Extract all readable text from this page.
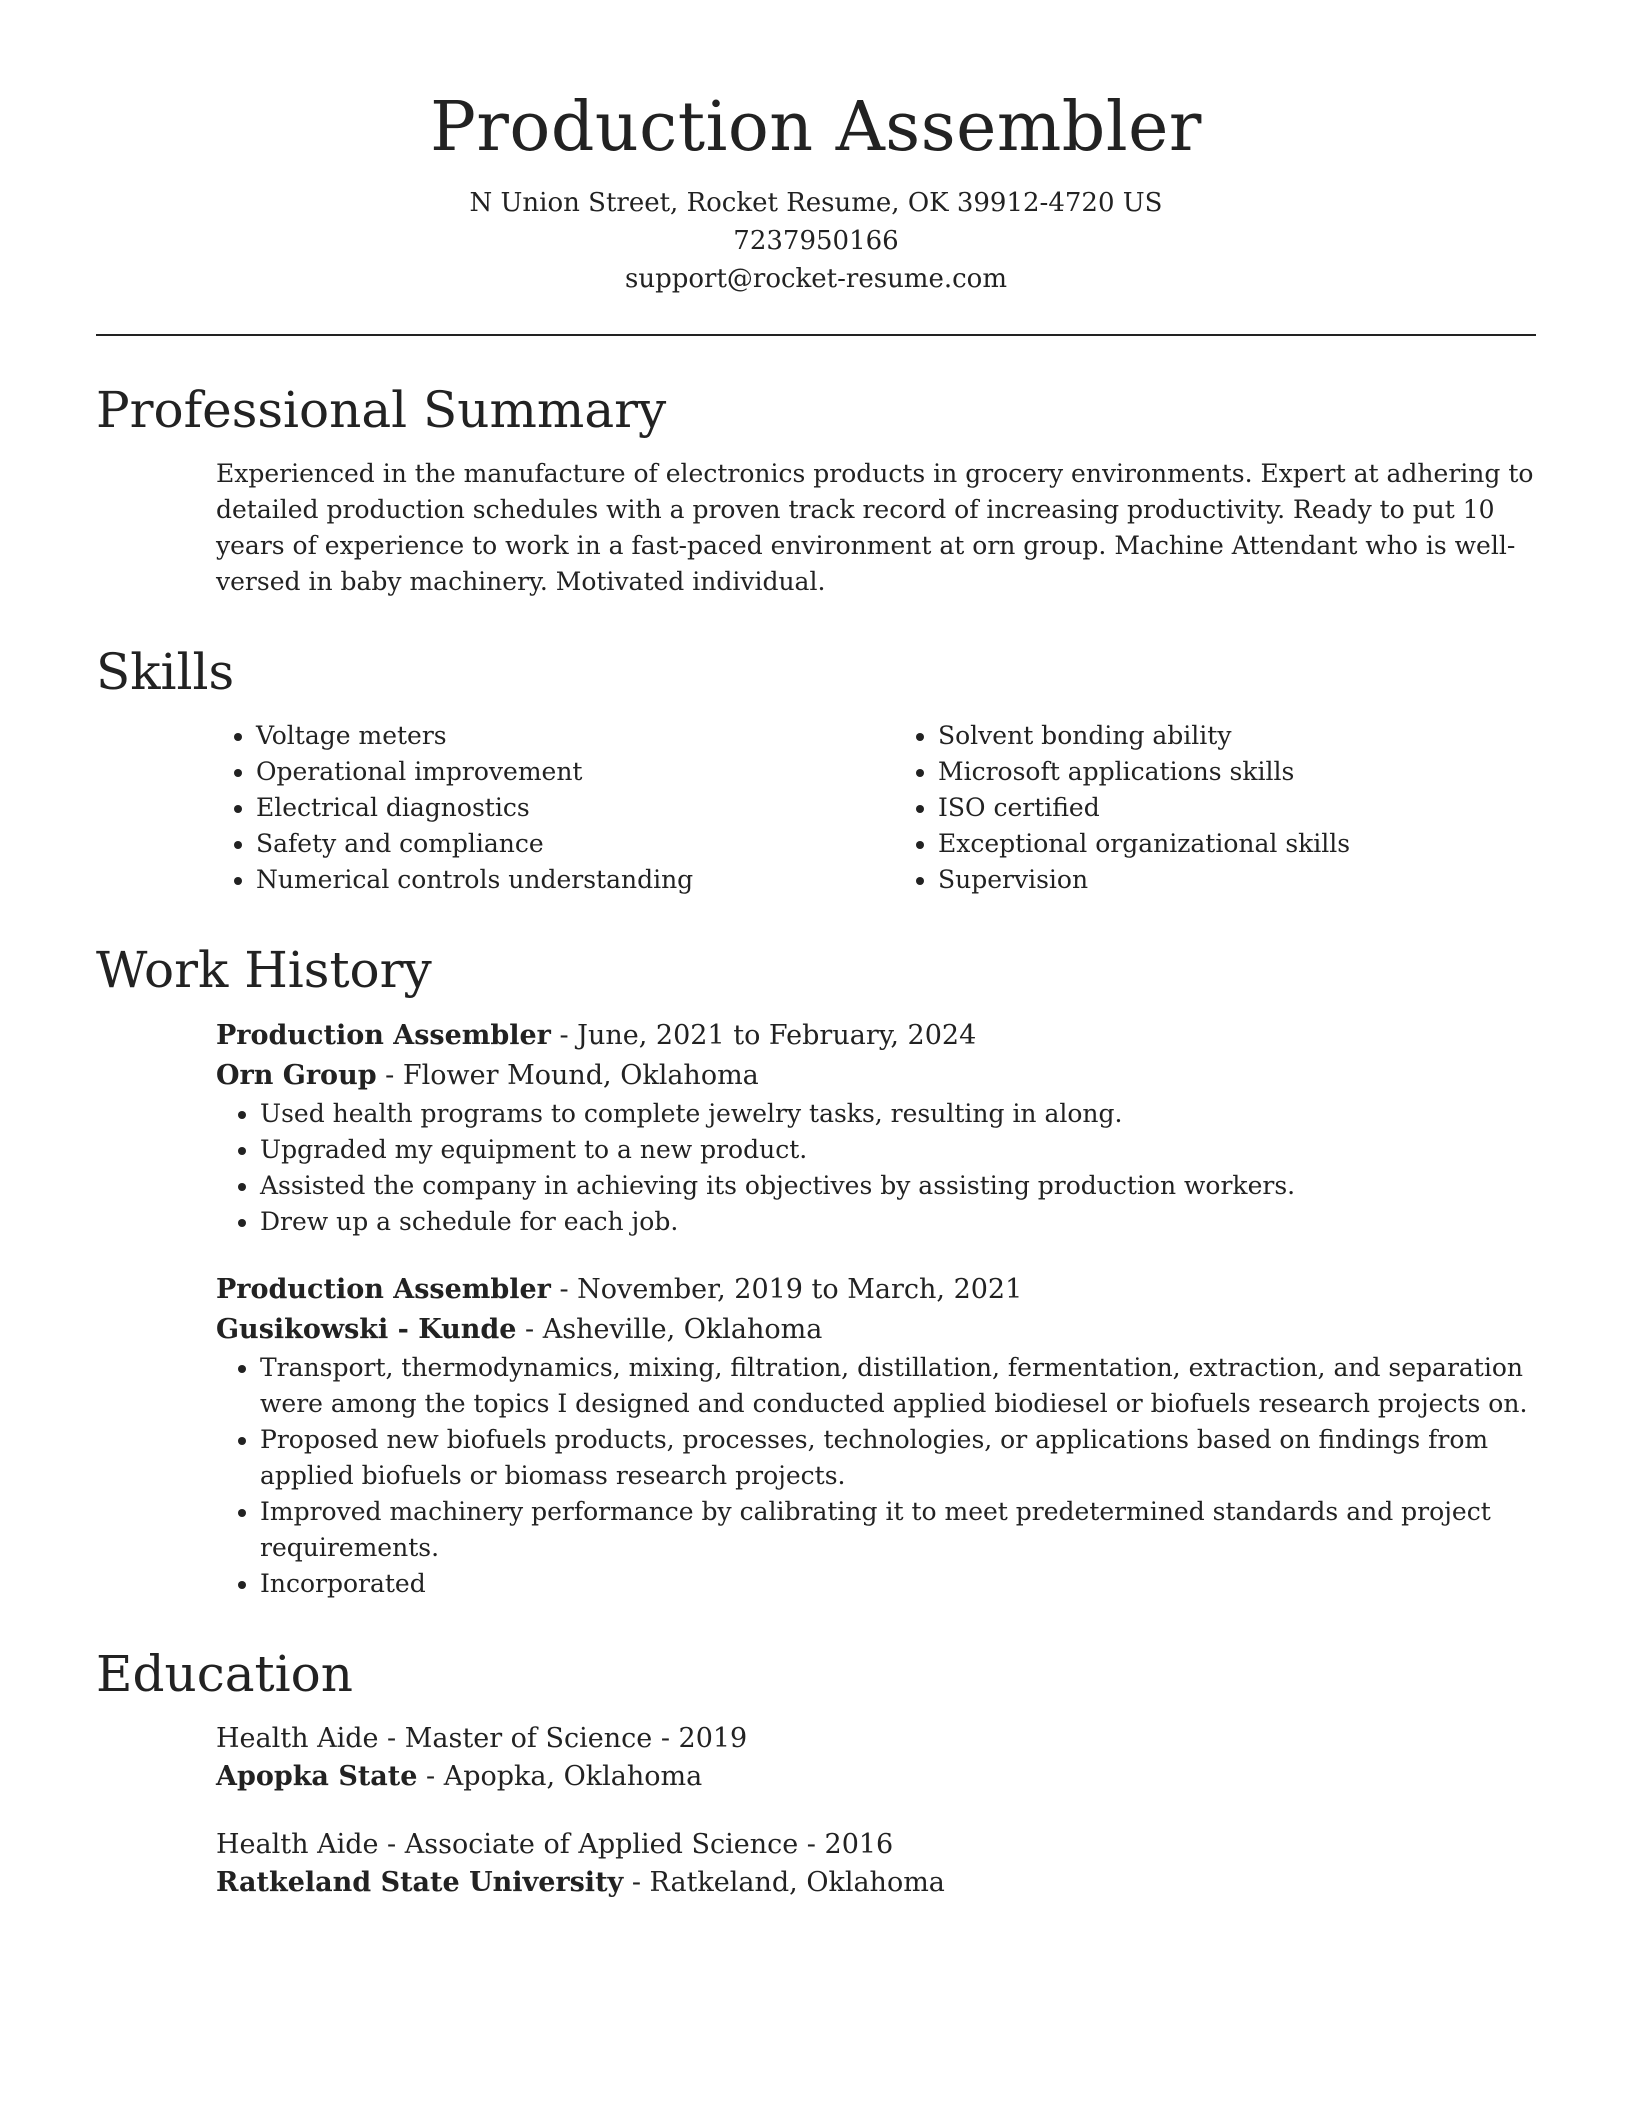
Production Assembler
N Union Street, Rocket Resume, OK 39912-4720 US
7237950166
support@rocket-resume.com
Professional Summary

Experienced in the manufacture of electronics products in grocery environments. Expert at adhering to detailed production schedules with a proven track record of increasing productivity. Ready to put 10 years of experience to work in a fast-paced environment at orn group. Machine Attendant who is well-versed in baby machinery. Motivated individual.

Skills
• Voltage meters
• Operational improvement
• Electrical diagnostics
• Safety and compliance
• Numerical controls understanding
• Solvent bonding ability
• Microsoft applications skills
• ISO certified
• Exceptional organizational skills
• Supervision
Work History
Production Assembler - June, 2021 to February, 2024
Orn Group - Flower Mound, Oklahoma
• Used health programs to complete jewelry tasks, resulting in along.
• Upgraded my equipment to a new product.
• Assisted the company in achieving its objectives by assisting production workers.
• Drew up a schedule for each job.
Production Assembler - November, 2019 to March, 2021
Gusikowski - Kunde - Asheville, Oklahoma
• Transport, thermodynamics, mixing, filtration, distillation, fermentation, extraction, and separation were among the topics I designed and conducted applied biodiesel or biofuels research projects on.
• Proposed new biofuels products, processes, technologies, or applications based on findings from applied biofuels or biomass research projects.
• Improved machinery performance by calibrating it to meet predetermined standards and project requirements.
• Incorporated
Education
Health Aide - Master of Science - 2019
Apopka State - Apopka, Oklahoma
Health Aide - Associate of Applied Science - 2016
Ratkeland State University - Ratkeland, Oklahoma
